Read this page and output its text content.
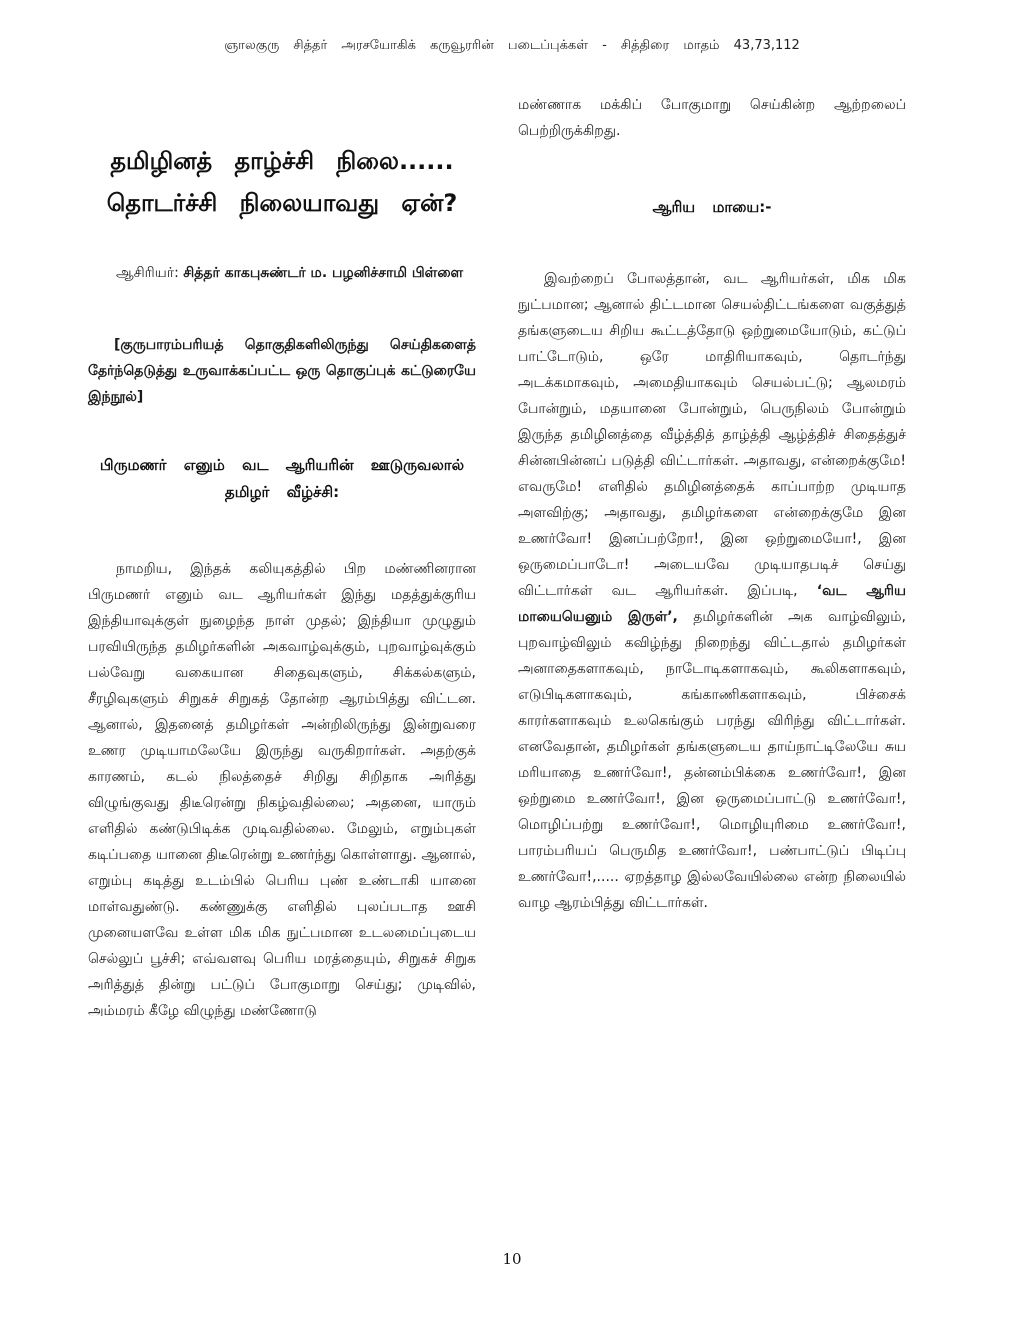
ஞாலகுரு சித்தர் அரசயோகிக் கருவூரரின் படைப்புக்கள் - சித்திரை மாதம் 43,73,112
தமிழினத் தாழ்ச்சி நிலை......
தொடர்ச்சி நிலையாவது ஏன்?

ஆசிரியர்: சித்தர் காகபுசுண்டர் ம. பழனிச்சாமி பிள்ளை

[குருபாரம்பரியத் தொகுதிகளிலிருந்து செய்திகளைத் தேர்ந்தெடுத்து உருவாக்கப்பட்ட ஒரு தொகுப்புக் கட்டுரையே இந்நூல்]

பிருமணர் எனும் வட ஆரியரின் ஊடுருவலால் தமிழர் வீழ்ச்சி:

நாமறிய, இந்தக் கலியுகத்தில் பிற மண்ணினரான பிருமணர் எனும் வட ஆரியர்கள் இந்து மதத்துக்குரிய இந்தியாவுக்குள் நுழைந்த நாள் முதல்; இந்தியா முழுதும் பரவியிருந்த தமிழர்களின் அகவாழ்வுக்கும், புறவாழ்வுக்கும் பல்வேறு வகையான சிதைவுகளும், சிக்கல்களும், சீரழிவுகளும் சிறுகச் சிறுகத் தோன்ற ஆரம்பித்து விட்டன. ஆனால், இதனைத் தமிழர்கள் அன்றிலிருந்து இன்றுவரை உணர முடியாமலேயே இருந்து வருகிறார்கள். அதற்குக் காரணம், கடல் நிலத்தைச் சிறிது சிறிதாக அரித்து விழுங்குவது திடீரென்று நிகழ்வதில்லை; அதனை, யாரும் எளிதில் கண்டுபிடிக்க முடிவதில்லை. மேலும், எறும்புகள் கடிப்பதை யானை திடீரென்று உணர்ந்து கொள்ளாது. ஆனால், எறும்பு கடித்து உடம்பில் பெரிய புண் உண்டாகி யானை மாள்வதுண்டு. கண்ணுக்கு எளிதில் புலப்படாத ஊசி முனையளவே உள்ள மிக மிக நுட்பமான உடலமைப்புடைய செல்லுப் பூச்சி; எவ்வளவு பெரிய மரத்தையும், சிறுகச் சிறுக அரித்துத் தின்று பட்டுப் போகுமாறு செய்து; முடிவில், அம்மரம் கீழே விழுந்து மண்ணோடு

மண்ணாக மக்கிப் போகுமாறு செய்கின்ற ஆற்றலைப் பெற்றிருக்கிறது.

ஆரிய மாயை:-

இவற்றைப் போலத்தான், வட ஆரியர்கள், மிக மிக நுட்பமான; ஆனால் திட்டமான செயல்திட்டங்களை வகுத்துத் தங்களுடைய சிறிய கூட்டத்தோடு ஒற்றுமையோடும், கட்டுப் பாட்டோடும், ஒரே மாதிரியாகவும், தொடர்ந்து அடக்கமாகவும், அமைதியாகவும் செயல்பட்டு; ஆலமரம் போன்றும், மதயானை போன்றும், பெருநிலம் போன்றும் இருந்த தமிழினத்தை வீழ்த்தித் தாழ்த்தி ஆழ்த்திச் சிதைத்துச் சின்னபின்னப் படுத்தி விட்டார்கள். அதாவது, என்றைக்குமே! எவருமே! எளிதில் தமிழினத்தைக் காப்பாற்ற முடியாத அளவிற்கு; அதாவது, தமிழர்களை என்றைக்குமே இன உணர்வோ! இனப்பற்றோ!, இன ஒற்றுமையோ!, இன ஒருமைப்பாடோ! அடையவே முடியாதபடிச் செய்து விட்டார்கள் வட ஆரியர்கள். இப்படி, ‘வட ஆரிய மாயையெனும் இருள்’, தமிழர்களின் அக வாழ்விலும், புறவாழ்விலும் கவிழ்ந்து நிறைந்து விட்டதால் தமிழர்கள் அனாதைகளாகவும், நாடோடிகளாகவும், கூலிகளாகவும், எடுபிடிகளாகவும், கங்காணிகளாகவும், பிச்சைக் காரர்களாகவும் உலகெங்கும் பரந்து விரிந்து விட்டார்கள். எனவேதான், தமிழர்கள் தங்களுடைய தாய்நாட்டிலேயே சுய மரியாதை உணர்வோ!, தன்னம்பிக்கை உணர்வோ!, இன ஒற்றுமை உணர்வோ!, இன ஒருமைப்பாட்டு உணர்வோ!, மொழிப்பற்று உணர்வோ!, மொழியுரிமை உணர்வோ!, பாரம்பரியப் பெருமித உணர்வோ!, பண்பாட்டுப் பிடிப்பு உணர்வோ!,..... ஏறத்தாழ இல்லவேயில்லை என்ற நிலையில் வாழ ஆரம்பித்து விட்டார்கள்.

10
